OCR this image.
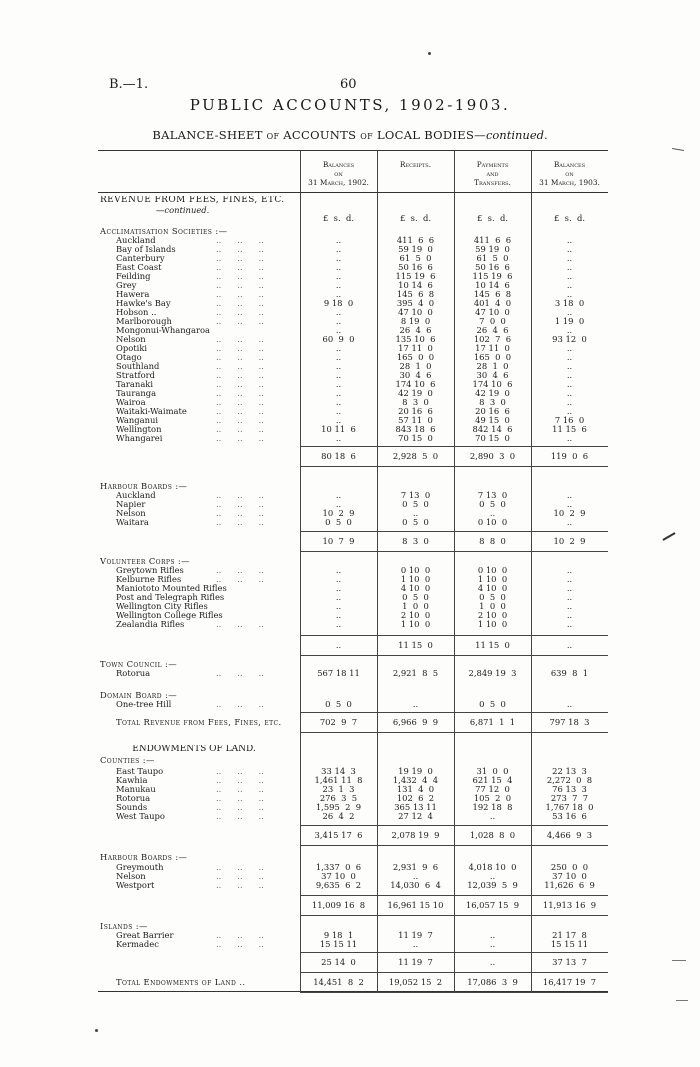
B.—1.	60
PUBLIC ACCOUNTS, 1902-1903.
BALANCE-SHEET of ACCOUNTS of LOCAL BODIES—continued.
Balances
on
31 March, 1902.
Receipts.	Payments
and
Transfers.
Balances
on
31 March, 1903.
REVENUE FROM FEES, FINES, ETC.
—continued.
£  s.  d.	£  s.  d.	£  s.  d.	£  s.  d.
Acclimatisation Societies :—
Auckland	..      ..      ..	..	411  6  6	411  6  6	..
Bay of Islands	..      ..      ..	..	59 19  0	59 19  0	..
Canterbury	..      ..      ..	..	61  5  0	61  5  0	..
East Coast	..      ..      ..	..	50 16  6	50 16  6	..
Feilding	..      ..      ..	..	115 19  6	115 19  6	..
Grey	..      ..      ..	..	10 14  6	10 14  6	..
Hawera	..      ..      ..	..	145  6  8	145  6  8	..
Hawke's Bay	..      ..      ..	9 18  0	395  4  0	401  4  0	3 18  0
Hobson ..	..      ..      ..	..	47 10  0	47 10  0	..
Marlborough	..      ..      ..	..	8 19  0	7  0  0	1 19  0
Mongonui-Whangaroa	..	26  4  6	26  4  6	..
Nelson	..      ..      ..	60  9  0	135 10  6	102  7  6	93 12  0
Opotiki	..      ..      ..	..	17 11  0	17 11  0	..
Otago	..      ..      ..	..	165  0  0	165  0  0	..
Southland	..      ..      ..	..	28  1  0	28  1  0	..
Stratford	..      ..      ..	..	30  4  6	30  4  6	..
Taranaki	..      ..      ..	..	174 10  6	174 10  6	..
Tauranga	..      ..      ..	..	42 19  0	42 19  0	..
Wairoa	..      ..      ..	..	8  3  0	8  3  0	..
Waitaki-Waimate	..      ..      ..	..	20 16  6	20 16  6	..
Wanganui	..      ..      ..	..	57 11  0	49 15  0	7 16  0
Wellington	..      ..      ..	10 11  6	843 18  6	842 14  6	11 15  6
Whangarei	..      ..      ..	..	70 15  0	70 15  0	..
80 18  6	2,928  5  0	2,890  3  0	119  0  6
Harbour Boards :—
Auckland	..      ..      ..	..	7 13  0	7 13  0	..
Napier	..      ..      ..	..	0  5  0	0  5  0	..
Nelson	..      ..      ..	10  2  9	..	..	10  2  9
Waitara	..      ..      ..	0  5  0	0  5  0	0 10  0	..
10  7  9	8  3  0	8  8  0	10  2  9
Volunteer Corps :—
Greytown Rifles	..      ..      ..	..	0 10  0	0 10  0	..
Kelburne Rifles	..      ..      ..	..	1 10  0	1 10  0	..
Maniototo Mounted Rifles	..	4 10  0	4 10  0	..
Post and Telegraph Rifles	..	0  5  0	0  5  0	..
Wellington City Rifles	..	1  0  0	1  0  0	..
Wellington College Rifles	..	2 10  0	2 10  0	..
Zealandia Rifles	..      ..      ..	..	1 10  0	1 10  0	..
..	11 15  0	11 15  0	..
Town Council :—
Rotorua	..      ..      ..	567 18 11	2,921  8  5	2,849 19  3	639  8  1
Domain Board :—
One-tree Hill	..      ..      ..	0  5  0	..	0  5  0	..
Total Revenue from Fees, Fines, etc.	702  9  7	6,966  9  9	6,871  1  1	797 18  3
ENDOWMENTS OF LAND.
Counties :—
East Taupo	..      ..      ..	33 14  3	19 19  0	31  0  0	22 13  3
Kawhia	..      ..      ..	1,461 11  8	1,432  4  4	621 15  4	2,272  0  8
Manukau	..      ..      ..	23  1  3	131  4  0	77 12  0	76 13  3
Rotorua	..      ..      ..	276  3  5	102  6  2	105  2  0	273  7  7
Sounds	..      ..      ..	1,595  2  9	365 13 11	192 18  8	1,767 18  0
West Taupo	..      ..      ..	26  4  2	27 12  4	..	53 16  6
3,415 17  6	2,078 19  9	1,028  8  0	4,466  9  3
Harbour Boards :—
Greymouth	..      ..      ..	1,337  0  6	2,931  9  6	4,018 10  0	250  0  0
Nelson	..      ..      ..	37 10  0	..	..	37 10  0
Westport	..      ..      ..	9,635  6  2	14,030  6  4	12,039  5  9	11,626  6  9
11,009 16  8	16,961 15 10	16,057 15  9	11,913 16  9
Islands :—
Great Barrier	..      ..      ..	9 18  1	11 19  7	..	21 17  8
Kermadec	..      ..      ..	15 15 11	..	..	15 15 11
25 14  0	11 19  7	..	37 13  7
Total Endowments of Land ..	14,451  8  2	19,052 15  2	17,086  3  9	16,417 19  7
